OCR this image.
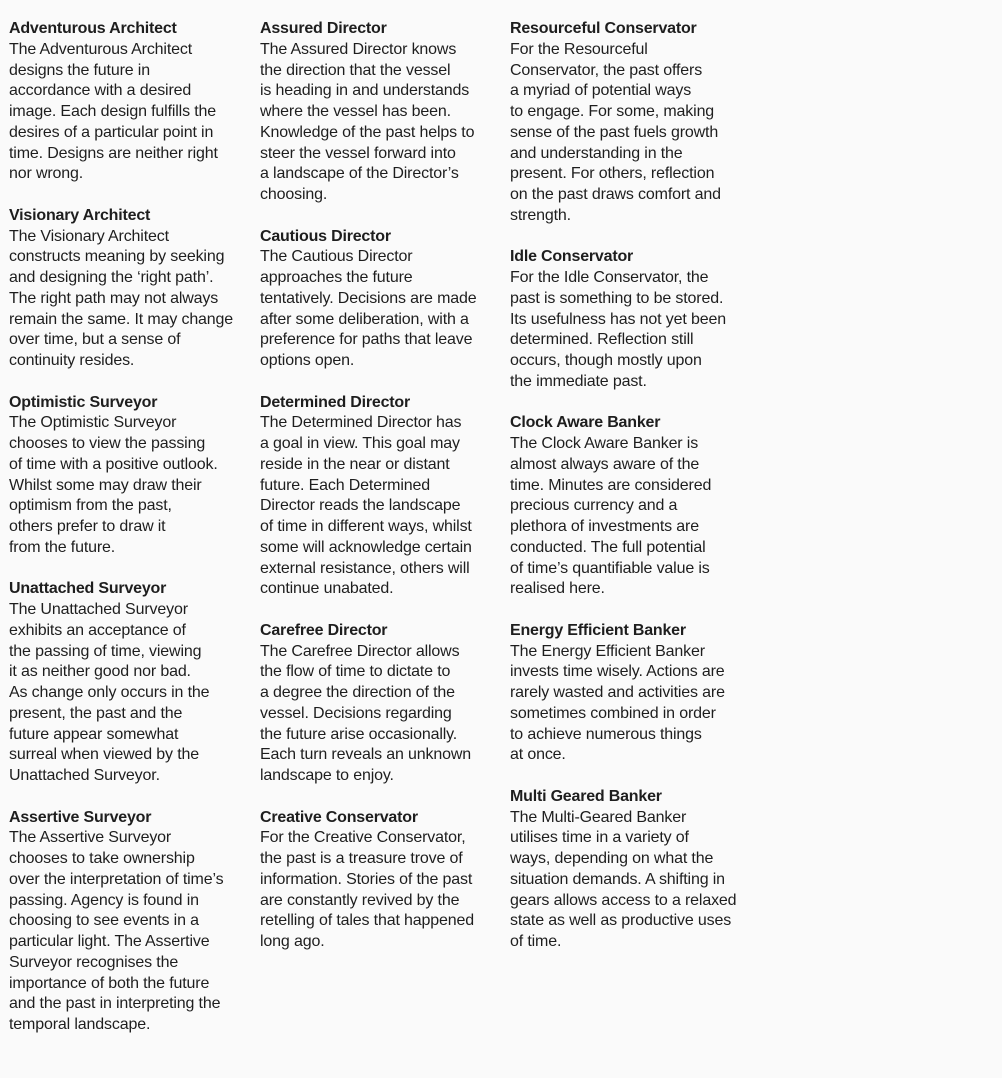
Adventurous Architect
The Adventurous Architect
designs the future in
accordance with a desired
image. Each design fulfills the
desires of a particular point in
time. Designs are neither right
nor wrong.
Visionary Architect
The Visionary Architect
constructs meaning by seeking
and designing the ‘right path’.
The right path may not always
remain the same. It may change
over time, but a sense of
continuity resides.
Optimistic Surveyor
The Optimistic Surveyor
chooses to view the passing
of time with a positive outlook.
Whilst some may draw their
optimism from the past,
others prefer to draw it
from the future.
Unattached Surveyor
The Unattached Surveyor
exhibits an acceptance of
the passing of time, viewing
it as neither good nor bad.
As change only occurs in the
present, the past and the
future appear somewhat
surreal when viewed by the
Unattached Surveyor.
Assertive Surveyor
The Assertive Surveyor
chooses to take ownership
over the interpretation of time’s
passing. Agency is found in
choosing to see events in a
particular light. The Assertive
Surveyor recognises the
importance of both the future
and the past in interpreting the
temporal landscape.
Assured Director
The Assured Director knows
the direction that the vessel
is heading in and understands
where the vessel has been.
Knowledge of the past helps to
steer the vessel forward into
a landscape of the Director’s
choosing.
Cautious Director
The Cautious Director
approaches the future
tentatively. Decisions are made
after some deliberation, with a
preference for paths that leave
options open.
Determined Director
The Determined Director has
a goal in view. This goal may
reside in the near or distant
future. Each Determined
Director reads the landscape
of time in different ways, whilst
some will acknowledge certain
external resistance, others will
continue unabated.
Carefree Director
The Carefree Director allows
the flow of time to dictate to
a degree the direction of the
vessel. Decisions regarding
the future arise occasionally.
Each turn reveals an unknown
landscape to enjoy.
Creative Conservator
For the Creative Conservator,
the past is a treasure trove of
information. Stories of the past
are constantly revived by the
retelling of tales that happened
long ago.
Resourceful Conservator
For the Resourceful
Conservator, the past offers
a myriad of potential ways
to engage. For some, making
sense of the past fuels growth
and understanding in the
present. For others, reflection
on the past draws comfort and
strength.
Idle Conservator
For the Idle Conservator, the
past is something to be stored.
Its usefulness has not yet been
determined. Reflection still
occurs, though mostly upon
the immediate past.
Clock Aware Banker
The Clock Aware Banker is
almost always aware of the
time. Minutes are considered
precious currency and a
plethora of investments are
conducted. The full potential
of time’s quantifiable value is
realised here.
Energy Efficient Banker
The Energy Efficient Banker
invests time wisely. Actions are
rarely wasted and activities are
sometimes combined in order
to achieve numerous things
at once.
Multi Geared Banker
The Multi-Geared Banker
utilises time in a variety of
ways, depending on what the
situation demands. A shifting in
gears allows access to a relaxed
state as well as productive uses
of time.
